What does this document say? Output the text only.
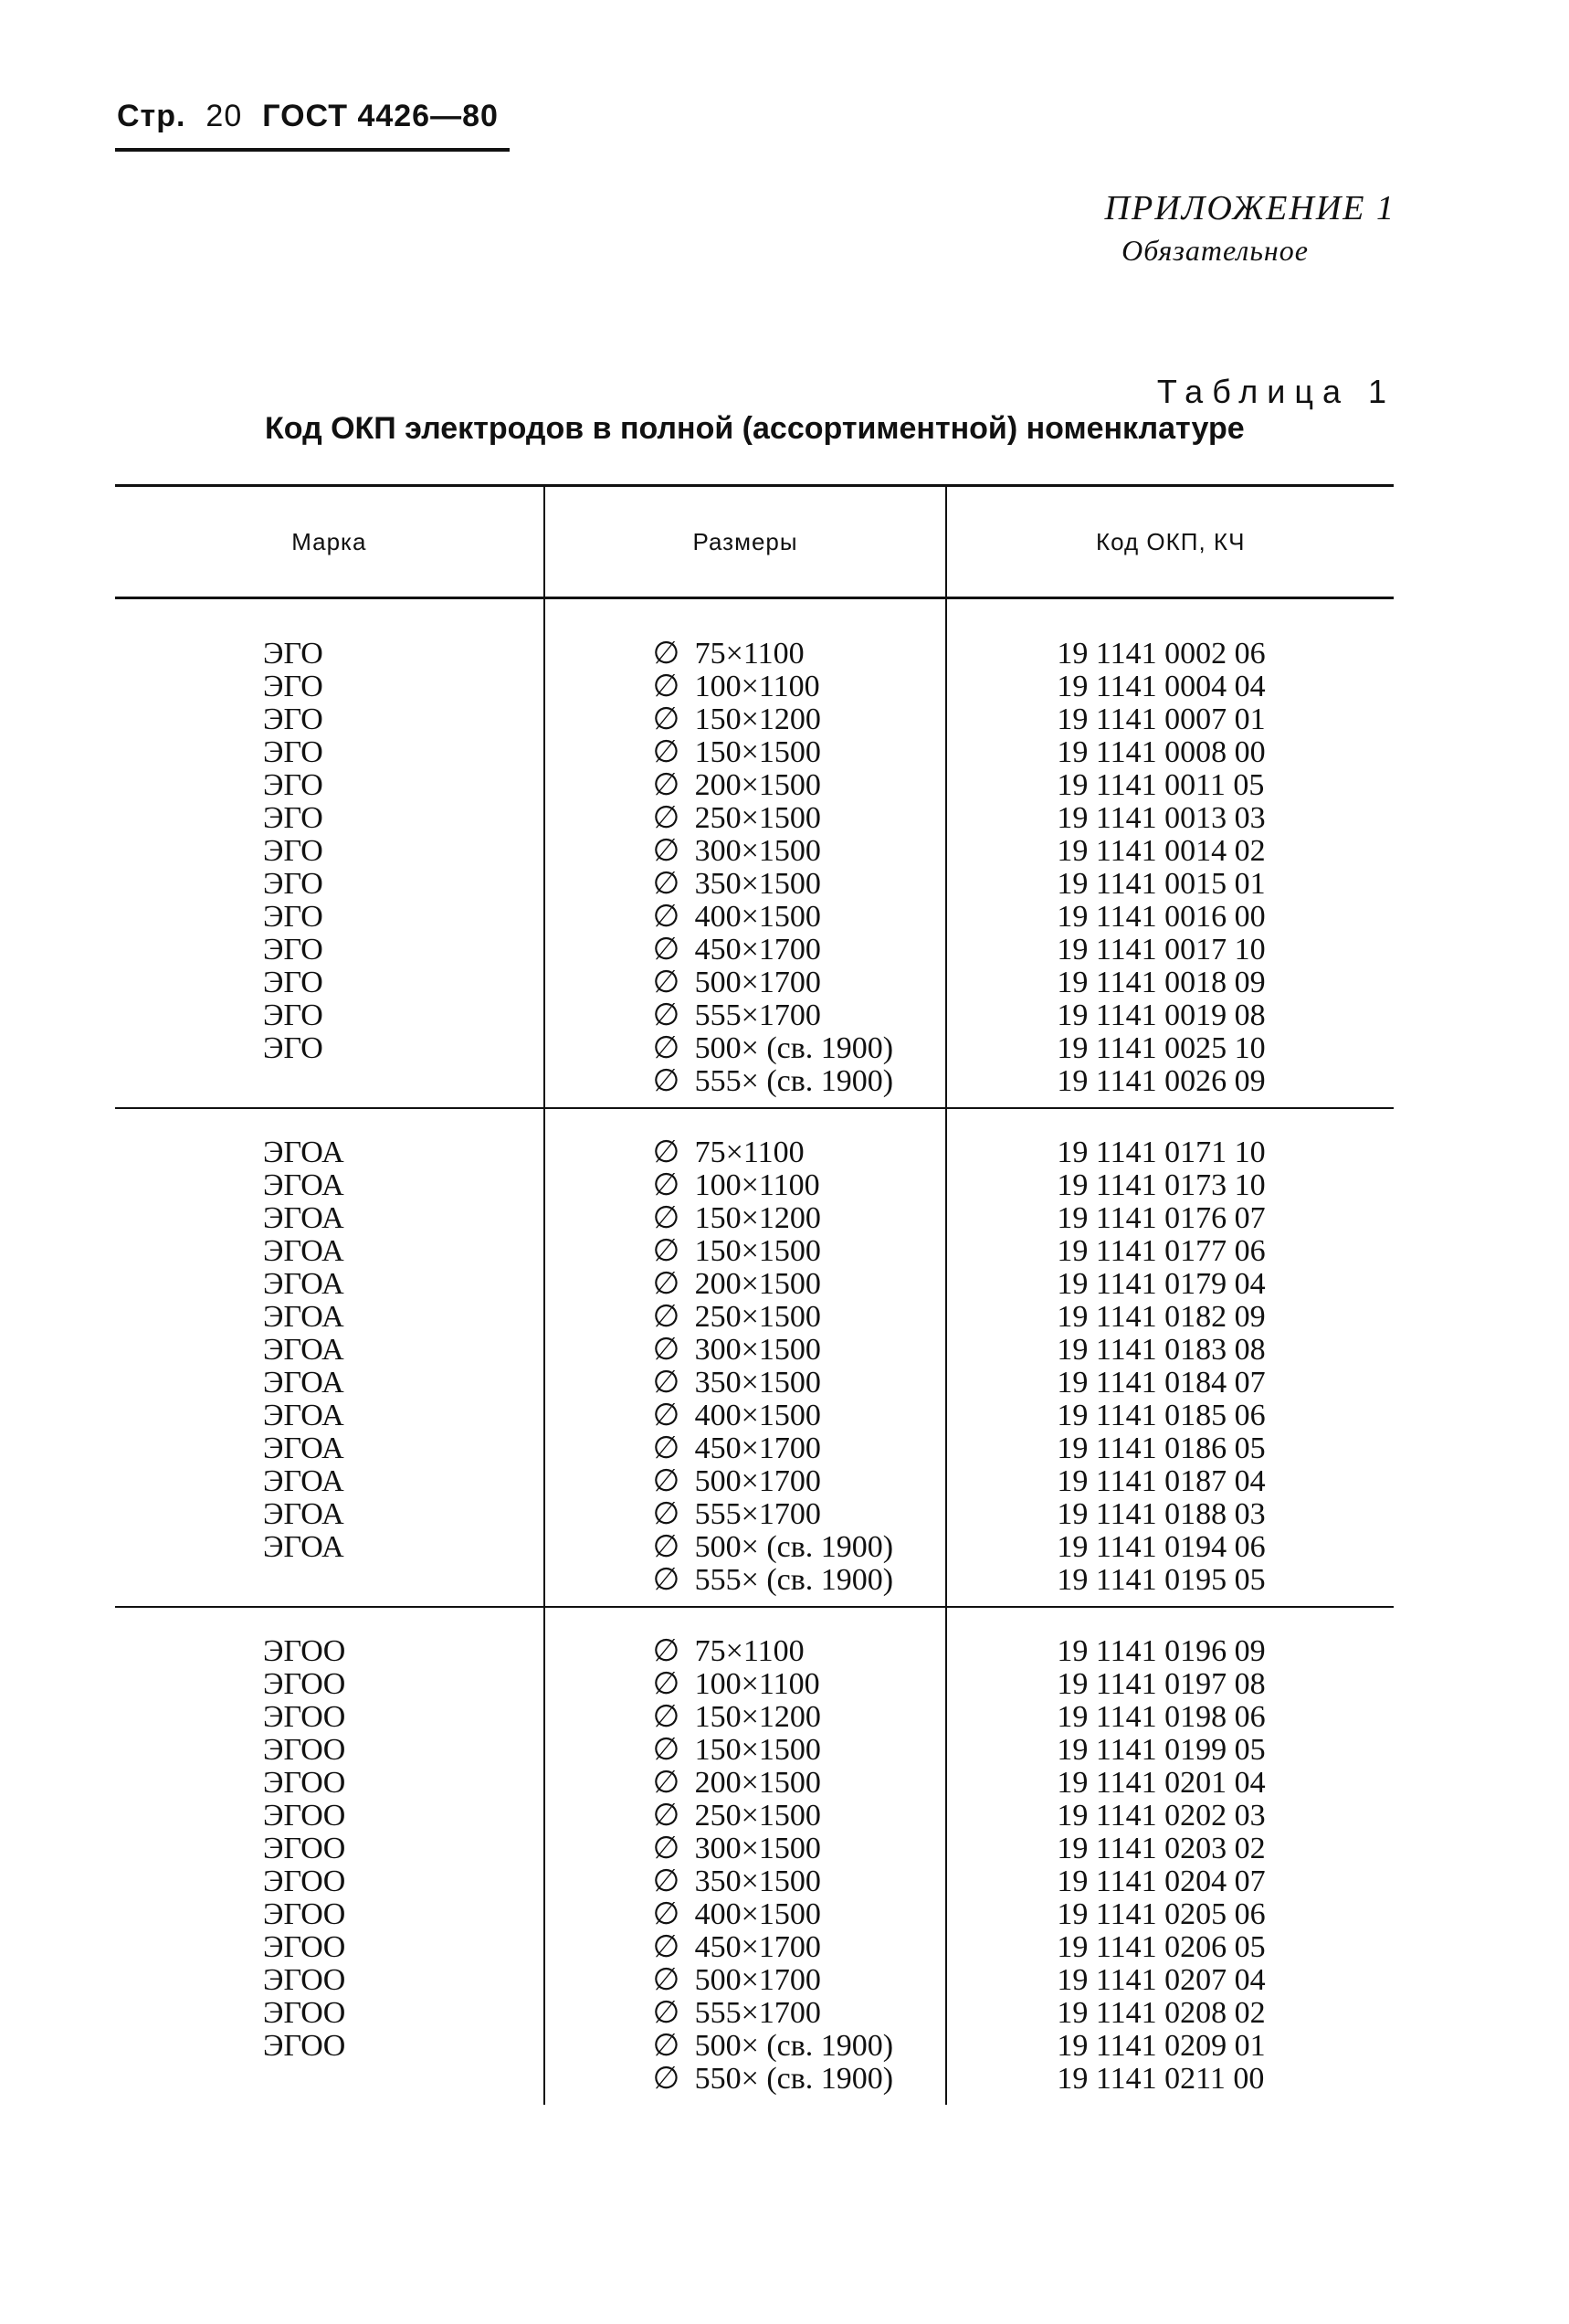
Стр. 20 ГОСТ 4426—80
ПРИЛОЖЕНИЕ 1
Обязательное
Таблица 1
Код ОКП электродов в полной (ассортиментной) номенклатуре
Марка	Размеры	Код ОКП, КЧ
ЭГО
ЭГО
ЭГО
ЭГО
ЭГО
ЭГО
ЭГО
ЭГО
ЭГО
ЭГО
ЭГО
ЭГО
ЭГО
∅ 75×1100
∅ 100×1100
∅ 150×1200
∅ 150×1500
∅ 200×1500
∅ 250×1500
∅ 300×1500
∅ 350×1500
∅ 400×1500
∅ 450×1700
∅ 500×1700
∅ 555×1700
∅ 500× (св. 1900)
∅ 555× (св. 1900)
19 1141 0002 06
19 1141 0004 04
19 1141 0007 01
19 1141 0008 00
19 1141 0011 05
19 1141 0013 03
19 1141 0014 02
19 1141 0015 01
19 1141 0016 00
19 1141 0017 10
19 1141 0018 09
19 1141 0019 08
19 1141 0025 10
19 1141 0026 09
ЭГОА
ЭГОА
ЭГОА
ЭГОА
ЭГОА
ЭГОА
ЭГОА
ЭГОА
ЭГОА
ЭГОА
ЭГОА
ЭГОА
ЭГОА
∅ 75×1100
∅ 100×1100
∅ 150×1200
∅ 150×1500
∅ 200×1500
∅ 250×1500
∅ 300×1500
∅ 350×1500
∅ 400×1500
∅ 450×1700
∅ 500×1700
∅ 555×1700
∅ 500× (св. 1900)
∅ 555× (св. 1900)
19 1141 0171 10
19 1141 0173 10
19 1141 0176 07
19 1141 0177 06
19 1141 0179 04
19 1141 0182 09
19 1141 0183 08
19 1141 0184 07
19 1141 0185 06
19 1141 0186 05
19 1141 0187 04
19 1141 0188 03
19 1141 0194 06
19 1141 0195 05
ЭГОО
ЭГОО
ЭГОО
ЭГОО
ЭГОО
ЭГОО
ЭГОО
ЭГОО
ЭГОО
ЭГОО
ЭГОО
ЭГОО
ЭГОО
∅ 75×1100
∅ 100×1100
∅ 150×1200
∅ 150×1500
∅ 200×1500
∅ 250×1500
∅ 300×1500
∅ 350×1500
∅ 400×1500
∅ 450×1700
∅ 500×1700
∅ 555×1700
∅ 500× (св. 1900)
∅ 550× (св. 1900)
19 1141 0196 09
19 1141 0197 08
19 1141 0198 06
19 1141 0199 05
19 1141 0201 04
19 1141 0202 03
19 1141 0203 02
19 1141 0204 07
19 1141 0205 06
19 1141 0206 05
19 1141 0207 04
19 1141 0208 02
19 1141 0209 01
19 1141 0211 00
